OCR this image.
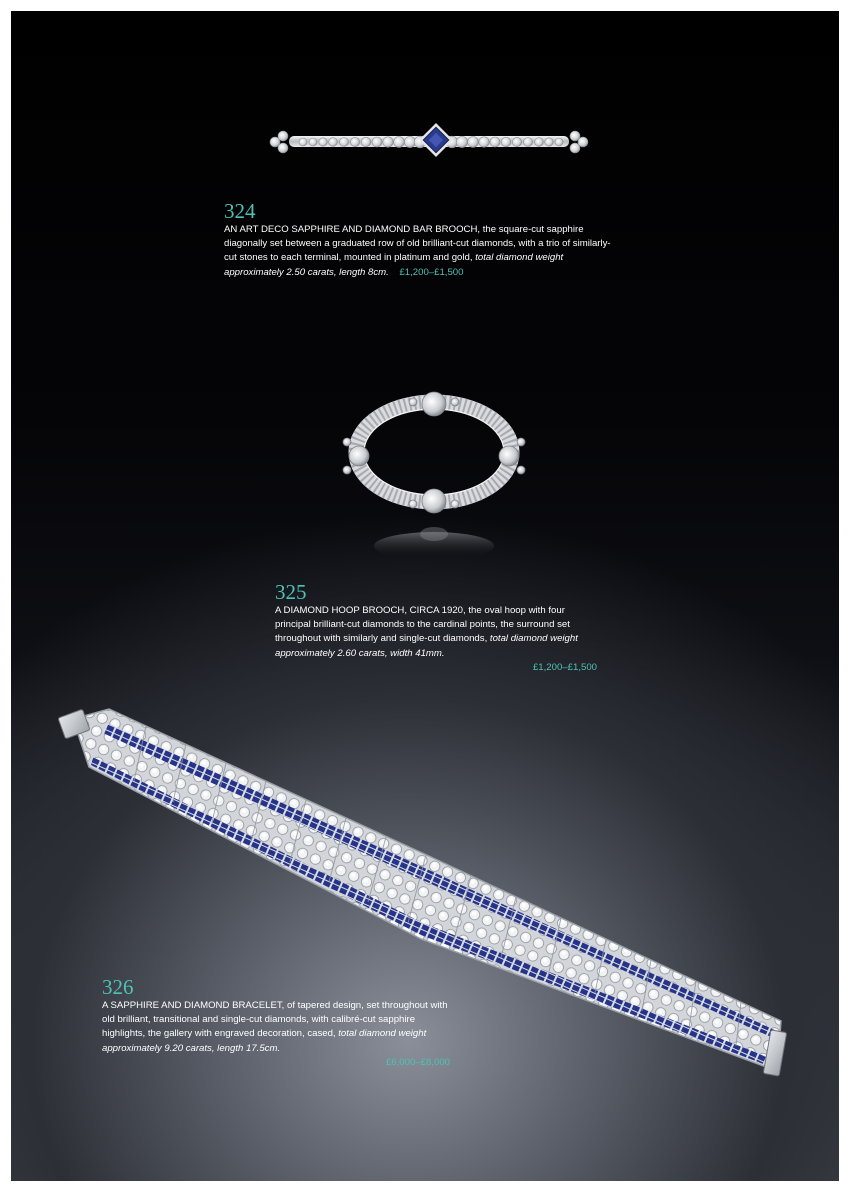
324
AN ART DECO SAPPHIRE AND DIAMOND BAR BROOCH, the square-cut sapphire diagonally set between a graduated row of old brilliant-cut diamonds, with a trio of similarly-cut stones to each terminal, mounted in platinum and gold, total diamond weight approximately 2.50 carats, length 8cm. £1,200–£1,500
325
A DIAMOND HOOP BROOCH, CIRCA 1920, the oval hoop with four principal brilliant-cut diamonds to the cardinal points, the surround set throughout with similarly and single-cut diamonds, total diamond weight approximately 2.60 carats, width 41mm.
£1,200–£1,500
326
A SAPPHIRE AND DIAMOND BRACELET, of tapered design, set throughout with old brilliant, transitional and single-cut diamonds, with calibré-cut sapphire highlights, the gallery with engraved decoration, cased, total diamond weight approximately 9.20 carats, length 17.5cm.
£6,000–£8,000
